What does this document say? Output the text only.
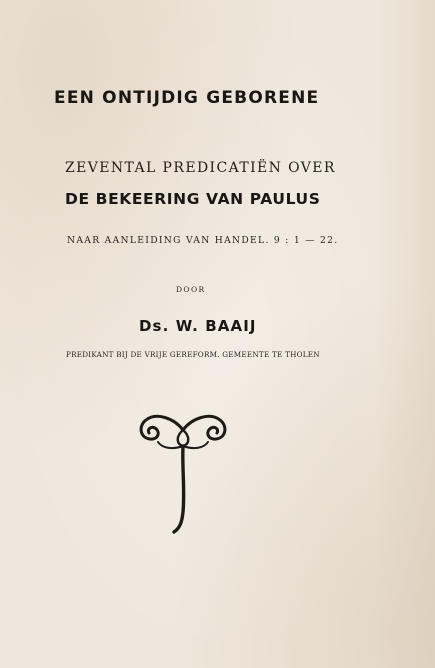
EEN ONTIJDIG GEBORENE
ZEVENTAL PREDICATIËN OVER
DE BEKEERING VAN PAULUS
NAAR AANLEIDING VAN HANDEL. 9 : 1 — 22.
DOOR
Ds. W. BAAIJ
PREDIKANT BIJ DE VRIJE GEREFORM. GEMEENTE TE THOLEN
